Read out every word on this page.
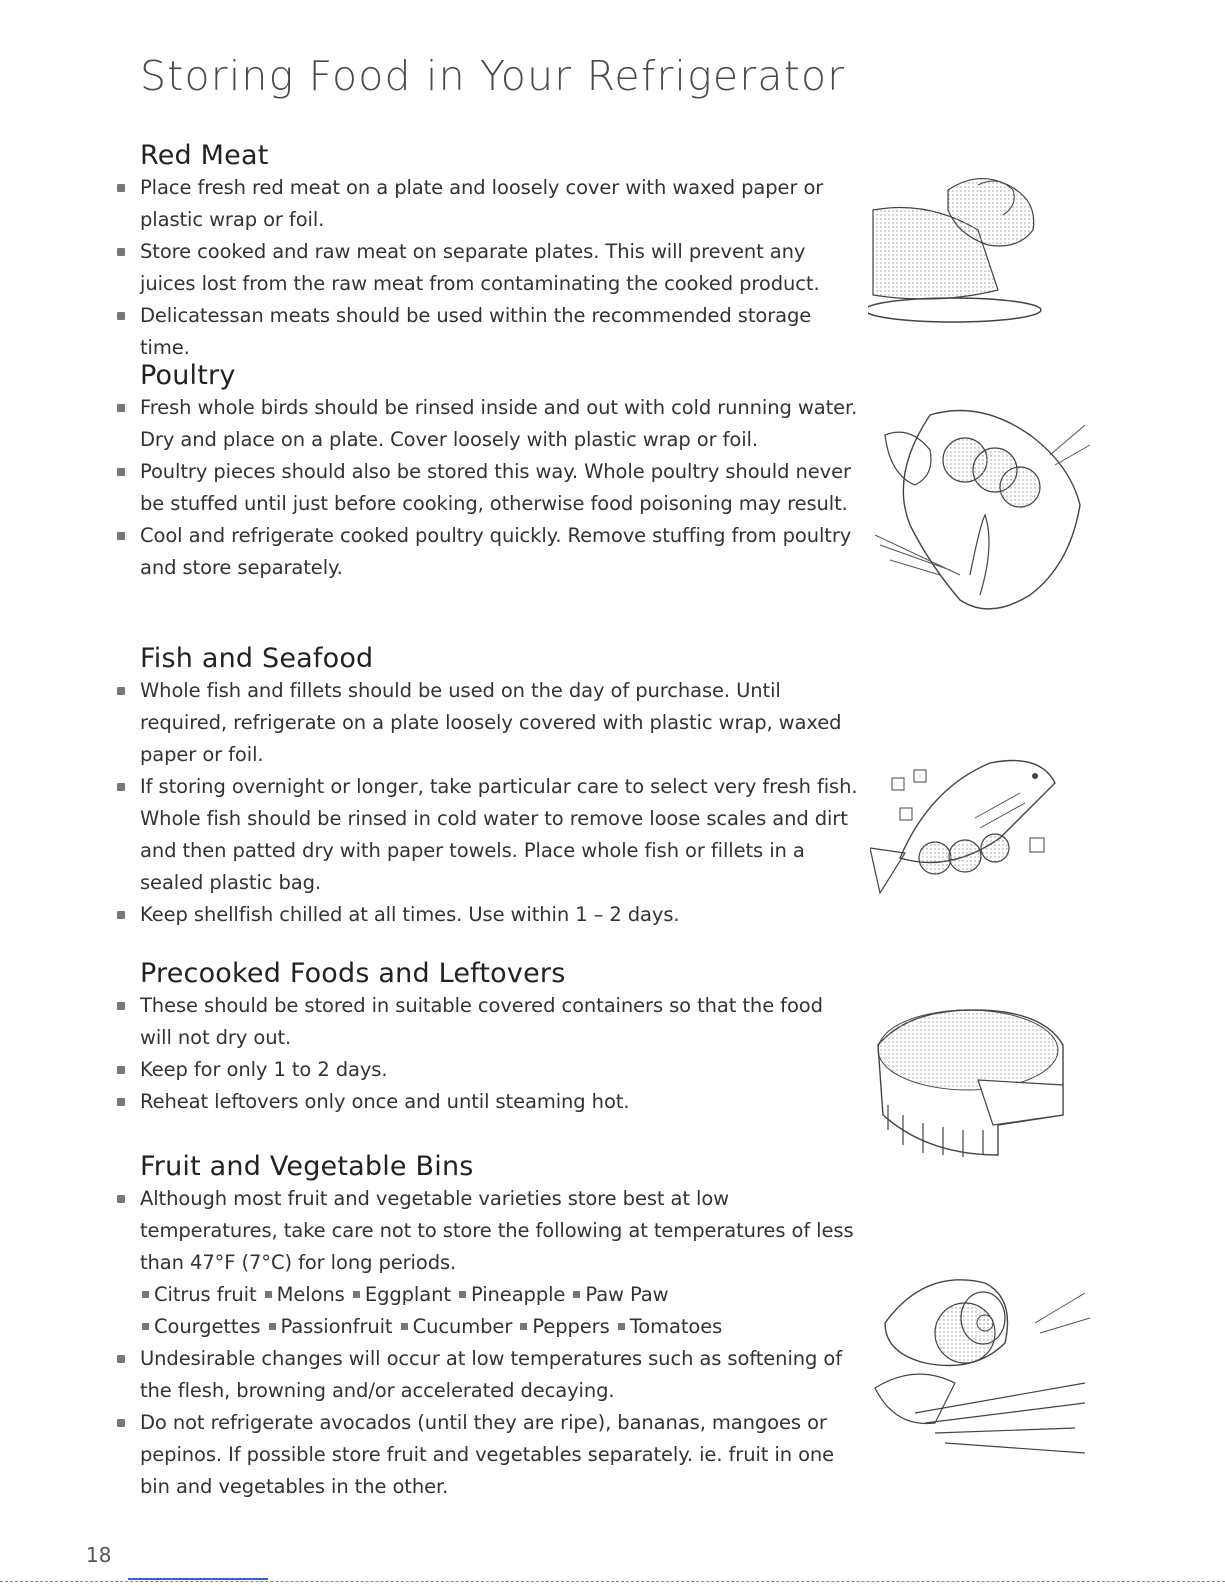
Storing Food in Your Refrigerator
Red Meat
Place fresh red meat on a plate and loosely cover with waxed paper or plastic wrap or foil.
Store cooked and raw meat on separate plates. This will prevent any juices lost from the raw meat from contaminating the cooked product.
Delicatessan meats should be used within the recommended storage time.
Poultry
Fresh whole birds should be rinsed inside and out with cold running water. Dry and place on a plate. Cover loosely with plastic wrap or foil.
Poultry pieces should also be stored this way. Whole poultry should never be stuffed until just before cooking, otherwise food poisoning may result.
Cool and refrigerate cooked poultry quickly. Remove stuffing from poultry and store separately.
Fish and Seafood
Whole fish and fillets should be used on the day of purchase. Until required, refrigerate on a plate loosely covered with plastic wrap, waxed paper or foil.
If storing overnight or longer, take particular care to select very fresh fish. Whole fish should be rinsed in cold water to remove loose scales and dirt and then patted dry with paper towels. Place whole fish or fillets in a sealed plastic bag.
Keep shellfish chilled at all times. Use within 1 – 2 days.
Precooked Foods and Leftovers
These should be stored in suitable covered containers so that the food will not dry out.
Keep for only 1 to 2 days.
Reheat leftovers only once and until steaming hot.
Fruit and Vegetable Bins
Although most fruit and vegetable varieties store best at low temperatures, take care not to store the following at temperatures of less than 47°F (7°C) for long periods.
Citrus fruit Melons Eggplant Pineapple Paw Paw
Courgettes Passionfruit Cucumber Peppers Tomatoes
Undesirable changes will occur at low temperatures such as softening of the flesh, browning and/or accelerated decaying.
Do not refrigerate avocados (until they are ripe), bananas, mangoes or pepinos. If possible store fruit and vegetables separately. ie. fruit in one bin and vegetables in the other.
18
